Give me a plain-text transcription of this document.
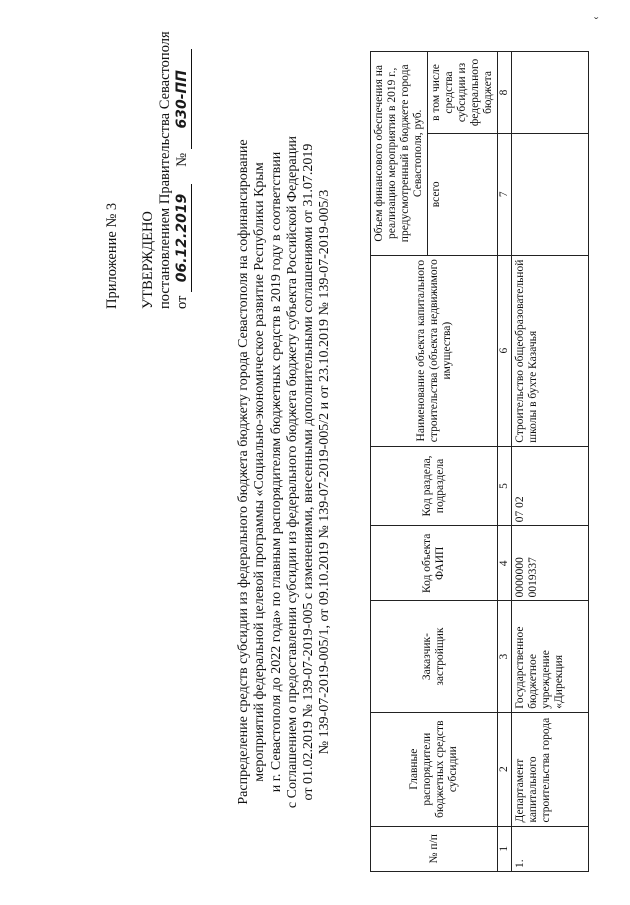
ˇ
Приложение № 3 УТВЕРЖДЕНО постановлением Правительства Севастополя от 06.12.2019  № 630-ПП
Распределение средств субсидии из федерального бюджета бюджету города Севастополя на софинансирование мероприятий федеральной целевой программы «Социально-экономическое развитие Республики Крым и г. Севастополя до 2022 года» по главным распорядителям бюджетных средств в 2019 году в соответствии с Соглашением о предоставлении субсидии из федерального бюджета бюджету субъекта Российской Федерации от 01.02.2019 № 139-07-2019-005 с изменениями, внесенными дополнительными соглашениями от 31.07.2019 № 139-07-2019-005/1, от 09.10.2019 № 139-07-2019-005/2 и от 23.10.2019 № 139-07-2019-005/3
№ п/п	Главные распорядители бюджетных средств субсидии	Заказчик-застройщик	Код объекта ФАИП	Код раздела, подраздела	Наименование объекта капитального строительства (объекта недвижимого имущества)	Объем финансового обеспечения на реализацию мероприятия в 2019 г., предусмотренный в бюджете города Севастополя, руб.	
						всего	в том числе средства субсидии из федерального бюджета
1	2	3	4	5	6	7	8
1.	Департамент капитального строительства города	Государственное бюджетное учреждение «Дирекция	0000000 0019337	07 02	Строительство общеобразовательной школы в бухте Казачья		
